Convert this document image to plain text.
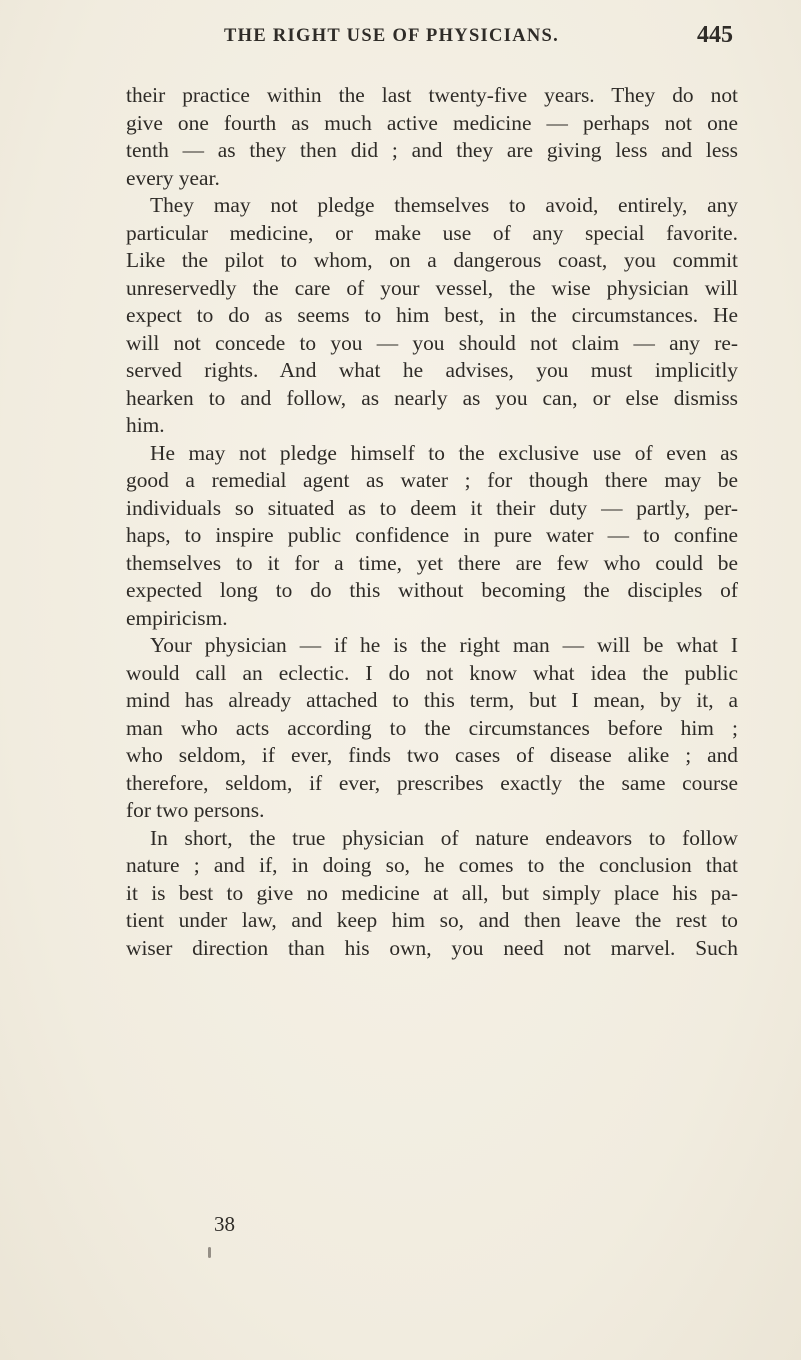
THE RIGHT USE OF PHYSICIANS.	445
their practice within the last twenty-five years. They do not
give one fourth as much active medicine — perhaps not one
tenth — as they then did ; and they are giving less and less
every year.
They may not pledge themselves to avoid, entirely, any
particular medicine, or make use of any special favorite.
Like the pilot to whom, on a dangerous coast, you commit
unreservedly the care of your vessel, the wise physician will
expect to do as seems to him best, in the circumstances. He
will not concede to you — you should not claim — any re-
served rights. And what he advises, you must implicitly
hearken to and follow, as nearly as you can, or else dismiss
him.
He may not pledge himself to the exclusive use of even as
good a remedial agent as water ; for though there may be
individuals so situated as to deem it their duty — partly, per-
haps, to inspire public confidence in pure water — to confine
themselves to it for a time, yet there are few who could be
expected long to do this without becoming the disciples of
empiricism.
Your physician — if he is the right man — will be what I
would call an eclectic. I do not know what idea the public
mind has already attached to this term, but I mean, by it, a
man who acts according to the circumstances before him ;
who seldom, if ever, finds two cases of disease alike ; and
therefore, seldom, if ever, prescribes exactly the same course
for two persons.
In short, the true physician of nature endeavors to follow
nature ; and if, in doing so, he comes to the conclusion that
it is best to give no medicine at all, but simply place his pa-
tient under law, and keep him so, and then leave the rest to
wiser direction than his own, you need not marvel. Such
38
